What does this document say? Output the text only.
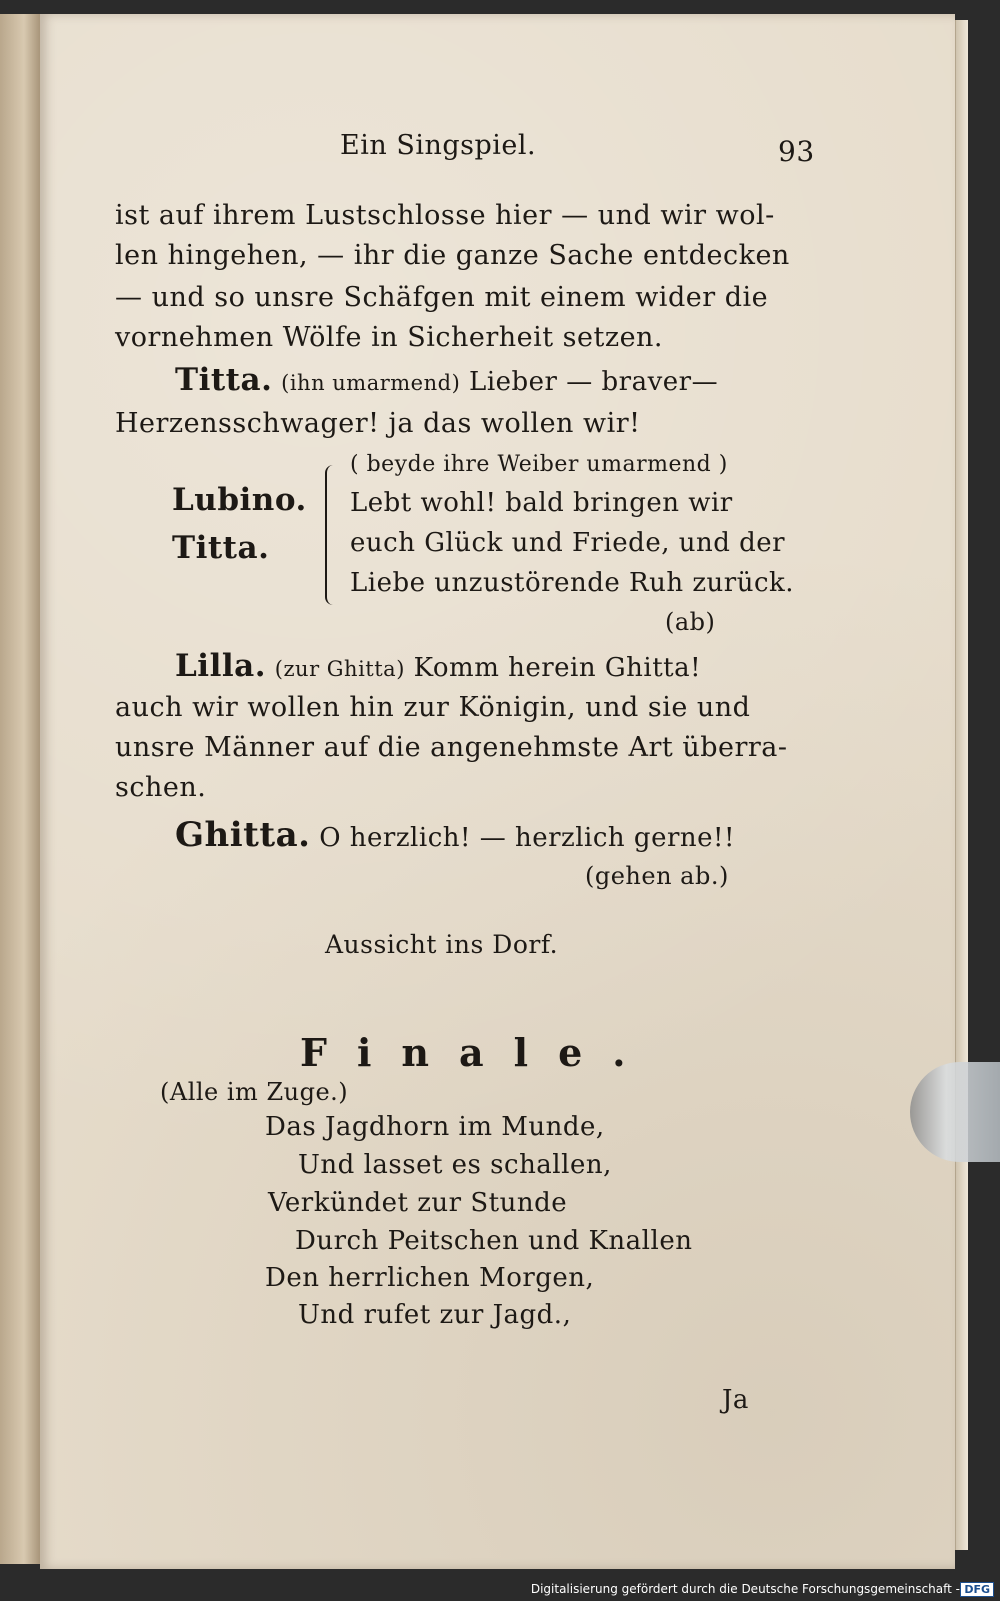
Ein Singspiel.	93
ist auf ihrem Lustschlosse hier — und wir wol-
len hingehen, — ihr die ganze Sache entdecken
— und so unsre Schäfgen mit einem wider die
vornehmen Wölfe in Sicherheit setzen.
Titta. (ihn umarmend) Lieber — braver—
Herzensschwager! ja das wollen wir!
( beyde ihre Weiber umarmend )
Lubino.
Titta.
Lebt wohl! bald bringen wir
euch Glück und Friede, und der
Liebe unzustörende Ruh zurück.
(ab)
Lilla. (zur Ghitta) Komm herein Ghitta!
auch wir wollen hin zur Königin, und sie und
unsre Männer auf die angenehmste Art überra-
schen.
Ghitta. O herzlich! — herzlich gerne!!
(gehen ab.)
Aussicht ins Dorf.
Finale.
(Alle im Zuge.)
Das Jagdhorn im Munde,
Und lasset es schallen,
Verkündet zur Stunde
Durch Peitschen und Knallen
Den herrlichen Morgen,
Und rufet zur Jagd.,
Ja
Digitalisierung gefördert durch die Deutsche Forschungsgemeinschaft - DFG
